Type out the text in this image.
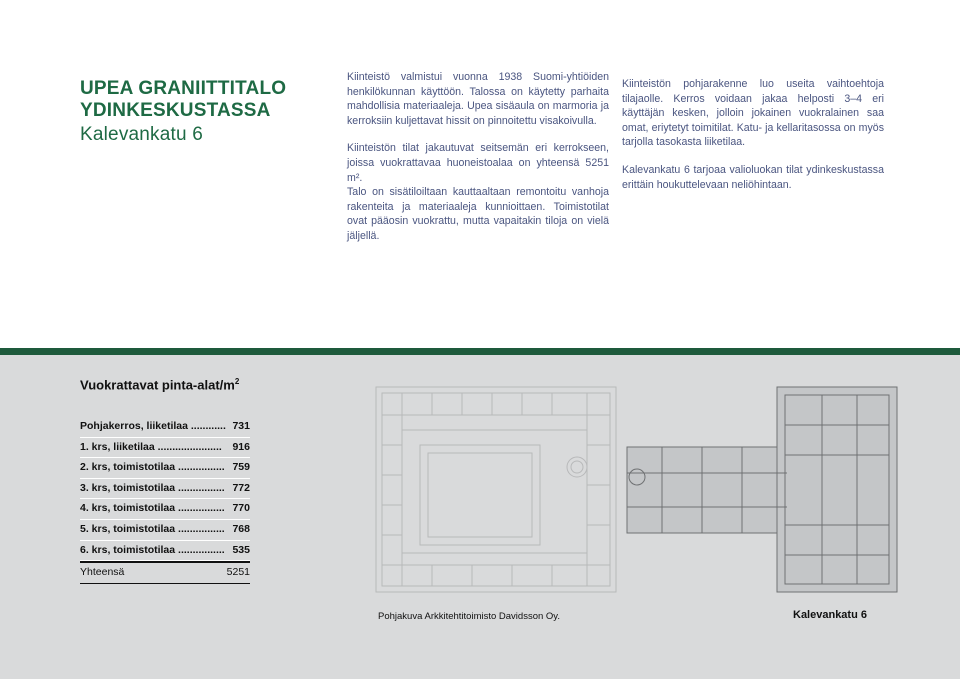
UPEA GRANIITTITALO
YDINKESKUSTASSA
Kalevankatu 6

Kiinteistö valmistui vuonna 1938 Suomi-yhtiöiden henkilökunnan käyttöön. Talossa on käytetty parhaita mahdollisia materiaaleja. Upea sisäaula on marmoria ja kerroksiin kuljettavat hissit on pinnoitettu visakoivulla.

Kiinteistön tilat jakautuvat seitsemän eri kerrokseen, joissa vuokrattavaa huoneistoalaa on yhteensä 5251 m².

Talo on sisätiloiltaan kauttaaltaan remontoitu vanhoja rakenteita ja materiaaleja kunnioittaen. Toimistotilat ovat pääosin vuokrattu, mutta vapaitakin tiloja on vielä jäljellä.

Kiinteistön pohjarakenne luo useita vaihtoehtoja tilajaolle. Kerros voidaan jakaa helposti 3–4 eri käyttäjän kesken, jolloin jokainen vuokralainen saa omat, eriytetyt toimitilat. Katu- ja kellaritasossa on myös tarjolla tasokasta liiketilaa.

Kalevankatu 6 tarjoaa valioluokan tilat ydinkeskustassa erittäin houkuttelevaan neliöhintaan.

Vuokrattavat pinta-$alat/m^2$
Pohjakerros, liiketilaa ............ 731
1. krs, liiketilaa ...................... 916
2. krs, toimistotilaa ................ 759
3. krs, toimistotilaa ................ 772
4. krs, toimistotilaa ................ 770
5. krs, toimistotilaa ................ 768
6. krs, toimistotilaa ................ 535
Yhteensä	5251
Pohjakuva Arkkitehtitoimisto Davidsson Oy.	Kalevankatu 6
